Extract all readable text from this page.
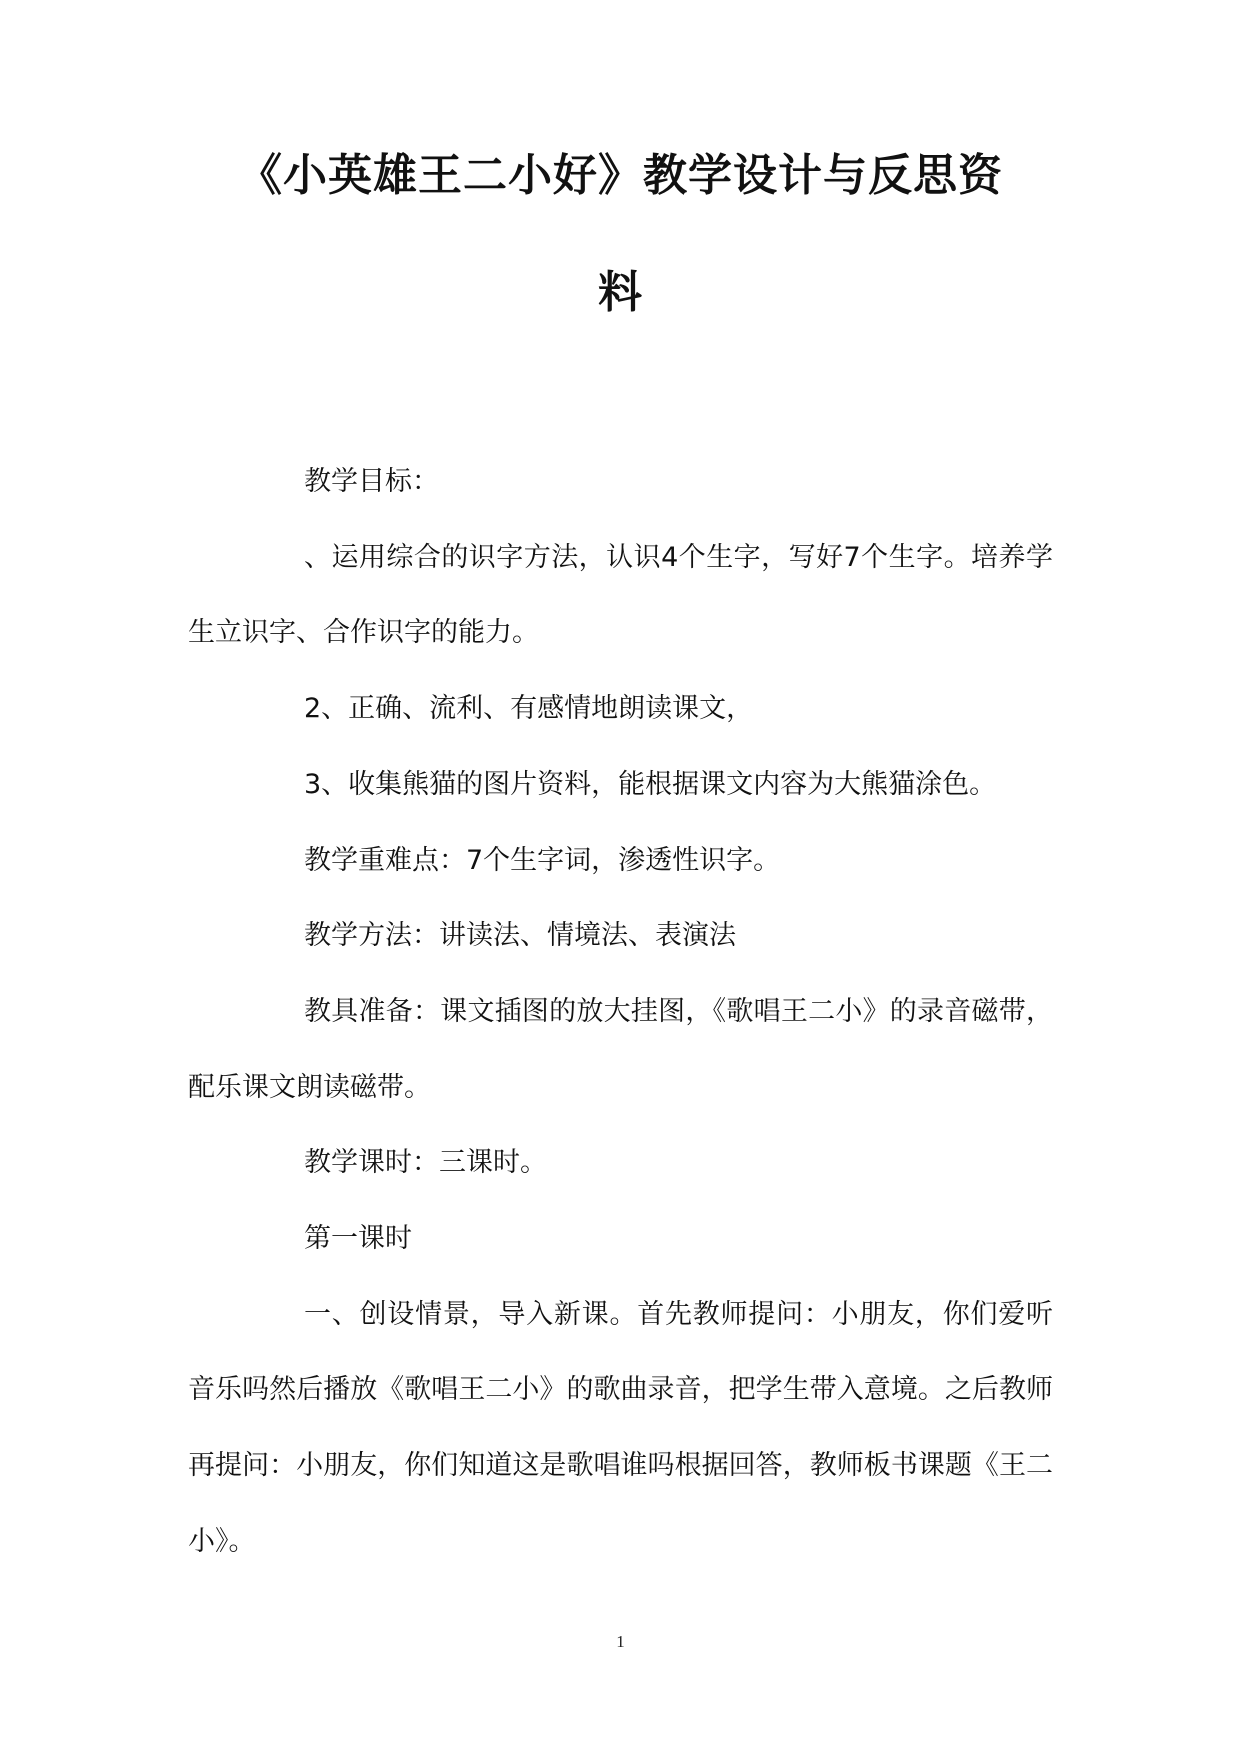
《小英雄王二小好》教学设计与反思资
料

教学目标：

、运用综合的识字方法，认识4个生字，写好7个生字。培养学生立识字、合作识字的能力。

2、正确、流利、有感情地朗读课文，

3、收集熊猫的图片资料，能根据课文内容为大熊猫涂色。

教学重难点：7个生字词，渗透性识字。

教学方法：讲读法、情境法、表演法

教具准备：课文插图的放大挂图，《歌唱王二小》的录音磁带，配乐课文朗读磁带。

教学课时：三课时。

第一课时

一、创设情景，导入新课。首先教师提问：小朋友，你们爱听音乐吗然后播放《歌唱王二小》的歌曲录音，把学生带入意境。之后教师再提问：小朋友，你们知道这是歌唱谁吗根据回答，教师板书课题《王二小》。

1
